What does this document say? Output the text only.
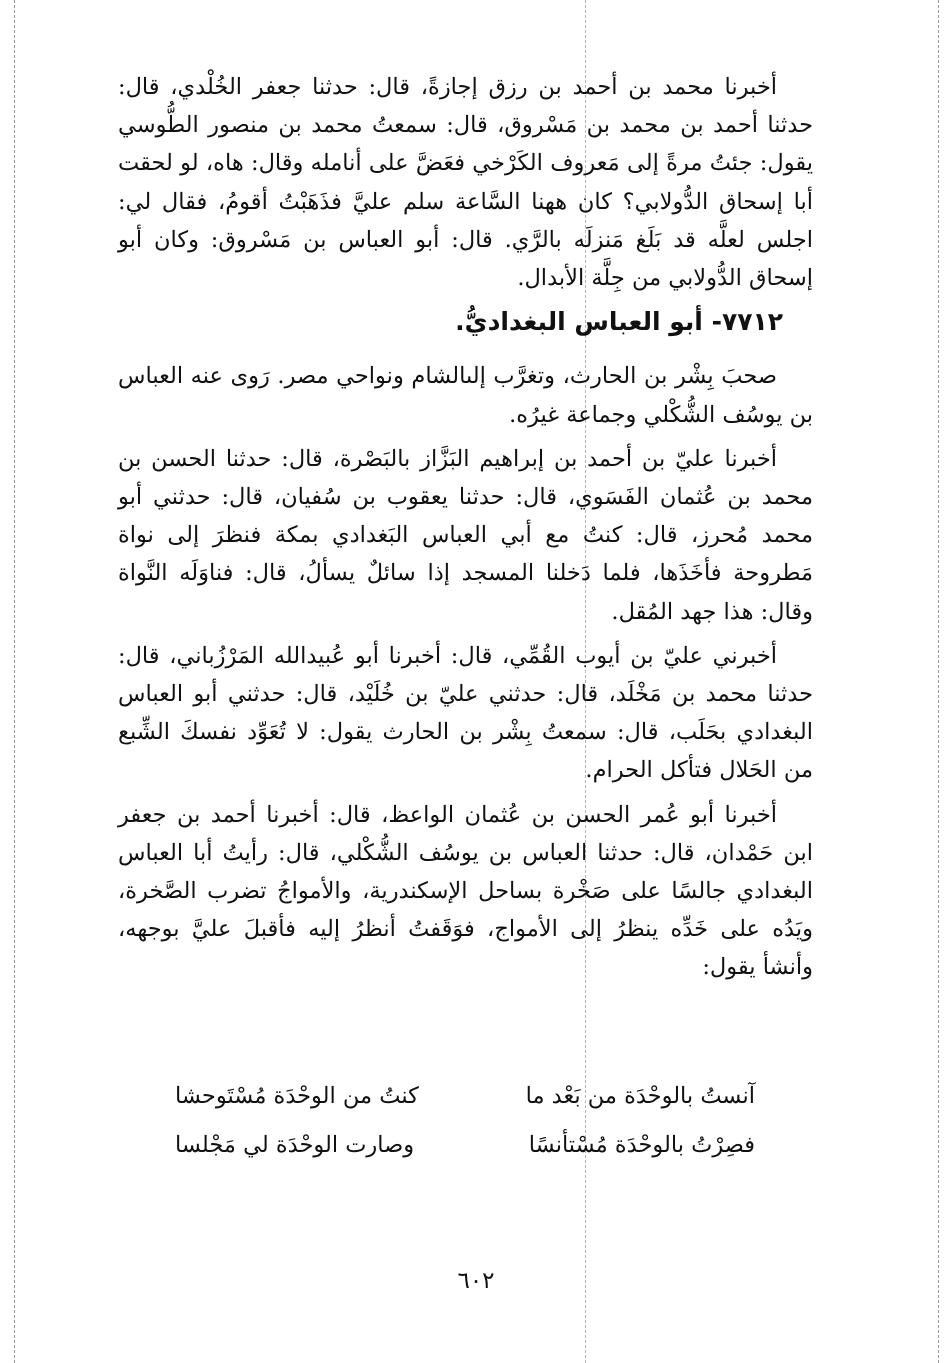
أخبرنا محمد بن أحمد بن رزق إجازةً، قال: حدثنا جعفر الخُلْدي، قال: حدثنا أحمد بن محمد بن مَسْروق، قال: سمعتُ محمد بن منصور الطُّوسي يقول: جئتُ مرةً إلى مَعروف الكَرْخي فعَضَّ على أنامله وقال: هاه، لو لحقت أبا إسحاق الدُّولابي؟ كان ههنا السَّاعة سلم عليَّ فذَهَبْتُ أقومُ، فقال لي: اجلس لعلَّه قد بَلَغ مَنزلَه بالرَّي. قال: أبو العباس بن مَسْروق: وكان أبو إسحاق الدُّولابي من جِلَّة الأبدال.

٧٧١٢- أبو العباس البغداديُّ.

صحبَ بِشْر بن الحارث، وتغرَّب إلىالشام ونواحي مصر. رَوى عنه العباس بن يوسُف الشُّكْلي وجماعة غيرُه.

أخبرنا عليّ بن أحمد بن إبراهيم البَزَّاز بالبَصْرة، قال: حدثنا الحسن بن محمد بن عُثمان الفَسَوي، قال: حدثنا يعقوب بن سُفيان، قال: حدثني أبو محمد مُحرز، قال: كنتُ مع أبي العباس البَغدادي بمكة فنظرَ إلى نواة مَطروحة فأخَذَها، فلما دَخلنا المسجد إذا سائلٌ يسألُ، قال: فناوَلَه النَّواة وقال: هذا جهد المُقل.

أخبرني عليّ بن أيوب القُمِّي، قال: أخبرنا أبو عُبيدالله المَرْزُباني، قال: حدثنا محمد بن مَخْلَد، قال: حدثني عليّ بن خُلَيْد، قال: حدثني أبو العباس البغدادي بحَلَب، قال: سمعتُ بِشْر بن الحارث يقول: لا تُعَوِّد نفسكَ الشِّبع من الحَلال فتأكل الحرام.

أخبرنا أبو عُمر الحسن بن عُثمان الواعظ، قال: أخبرنا أحمد بن جعفر ابن حَمْدان، قال: حدثنا العباس بن يوسُف الشُّكْلي، قال: رأيتُ أبا العباس البغدادي جالسًا على صَخْرة بساحل الإسكندرية، والأمواجُ تضرب الصَّخرة، ويَدُه على خَدِّه ينظرُ إلى الأمواج، فوَقَفتُ أنظرُ إليه فأقبلَ عليَّ بوجهه، وأنشأ يقول:

آنستُ بالوحْدَة من بَعْد ما
كنتُ من الوحْدَة مُسْتَوحشا
فصِرْتُ بالوحْدَة مُسْتأنسًا
وصارت الوحْدَة لي مَجْلسا
٦٠٢
